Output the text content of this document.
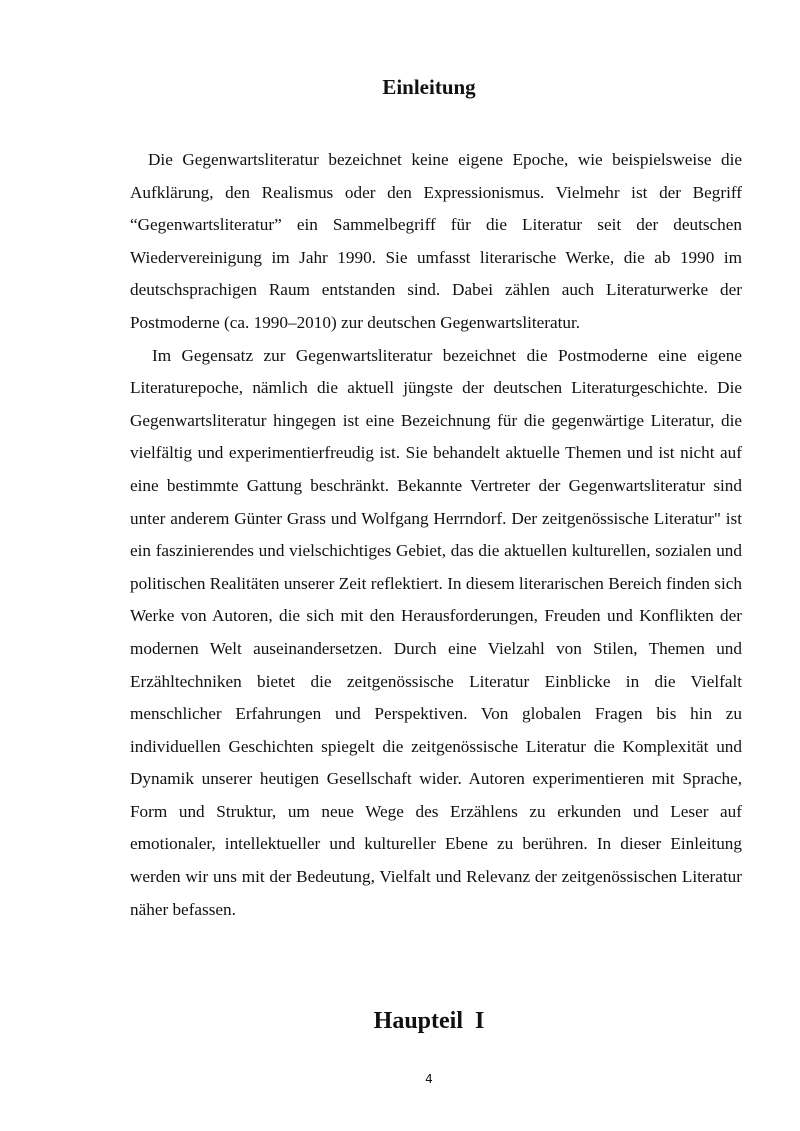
Einleitung

Die Gegenwartsliteratur bezeichnet keine eigene Epoche, wie beispielsweise die Aufklärung, den Realismus oder den Expressionismus. Vielmehr ist der Begriff “Gegenwartsliteratur” ein Sammelbegriff für die Literatur seit der deutschen Wiedervereinigung im Jahr 1990. Sie umfasst literarische Werke, die ab 1990 im deutschsprachigen Raum entstanden sind. Dabei zählen auch Literaturwerke der Postmoderne (ca. 1990–2010) zur deutschen Gegenwartsliteratur.

Im Gegensatz zur Gegenwartsliteratur bezeichnet die Postmoderne eine eigene Literaturepoche, nämlich die aktuell jüngste der deutschen Literaturgeschichte. Die Gegenwartsliteratur hingegen ist eine Bezeichnung für die gegenwärtige Literatur, die vielfältig und experimentierfreudig ist. Sie behandelt aktuelle Themen und ist nicht auf eine bestimmte Gattung beschränkt. Bekannte Vertreter der Gegenwartsliteratur sind unter anderem Günter Grass und Wolfgang Herrndorf. Der zeitgenössische Literatur" ist ein faszinierendes und vielschichtiges Gebiet, das die aktuellen kulturellen, sozialen und politischen Realitäten unserer Zeit reflektiert. In diesem literarischen Bereich finden sich Werke von Autoren, die sich mit den Herausforderungen, Freuden und Konflikten der modernen Welt auseinandersetzen. Durch eine Vielzahl von Stilen, Themen und Erzähltechniken bietet die zeitgenössische Literatur Einblicke in die Vielfalt menschlicher Erfahrungen und Perspektiven. Von globalen Fragen bis hin zu individuellen Geschichten spiegelt die zeitgenössische Literatur die Komplexität und Dynamik unserer heutigen Gesellschaft wider. Autoren experimentieren mit Sprache, Form und Struktur, um neue Wege des Erzählens zu erkunden und Leser auf emotionaler, intellektueller und kultureller Ebene zu berühren. In dieser Einleitung werden wir uns mit der Bedeutung, Vielfalt und Relevanz der zeitgenössischen Literatur näher befassen.

Haupteil  I
4
